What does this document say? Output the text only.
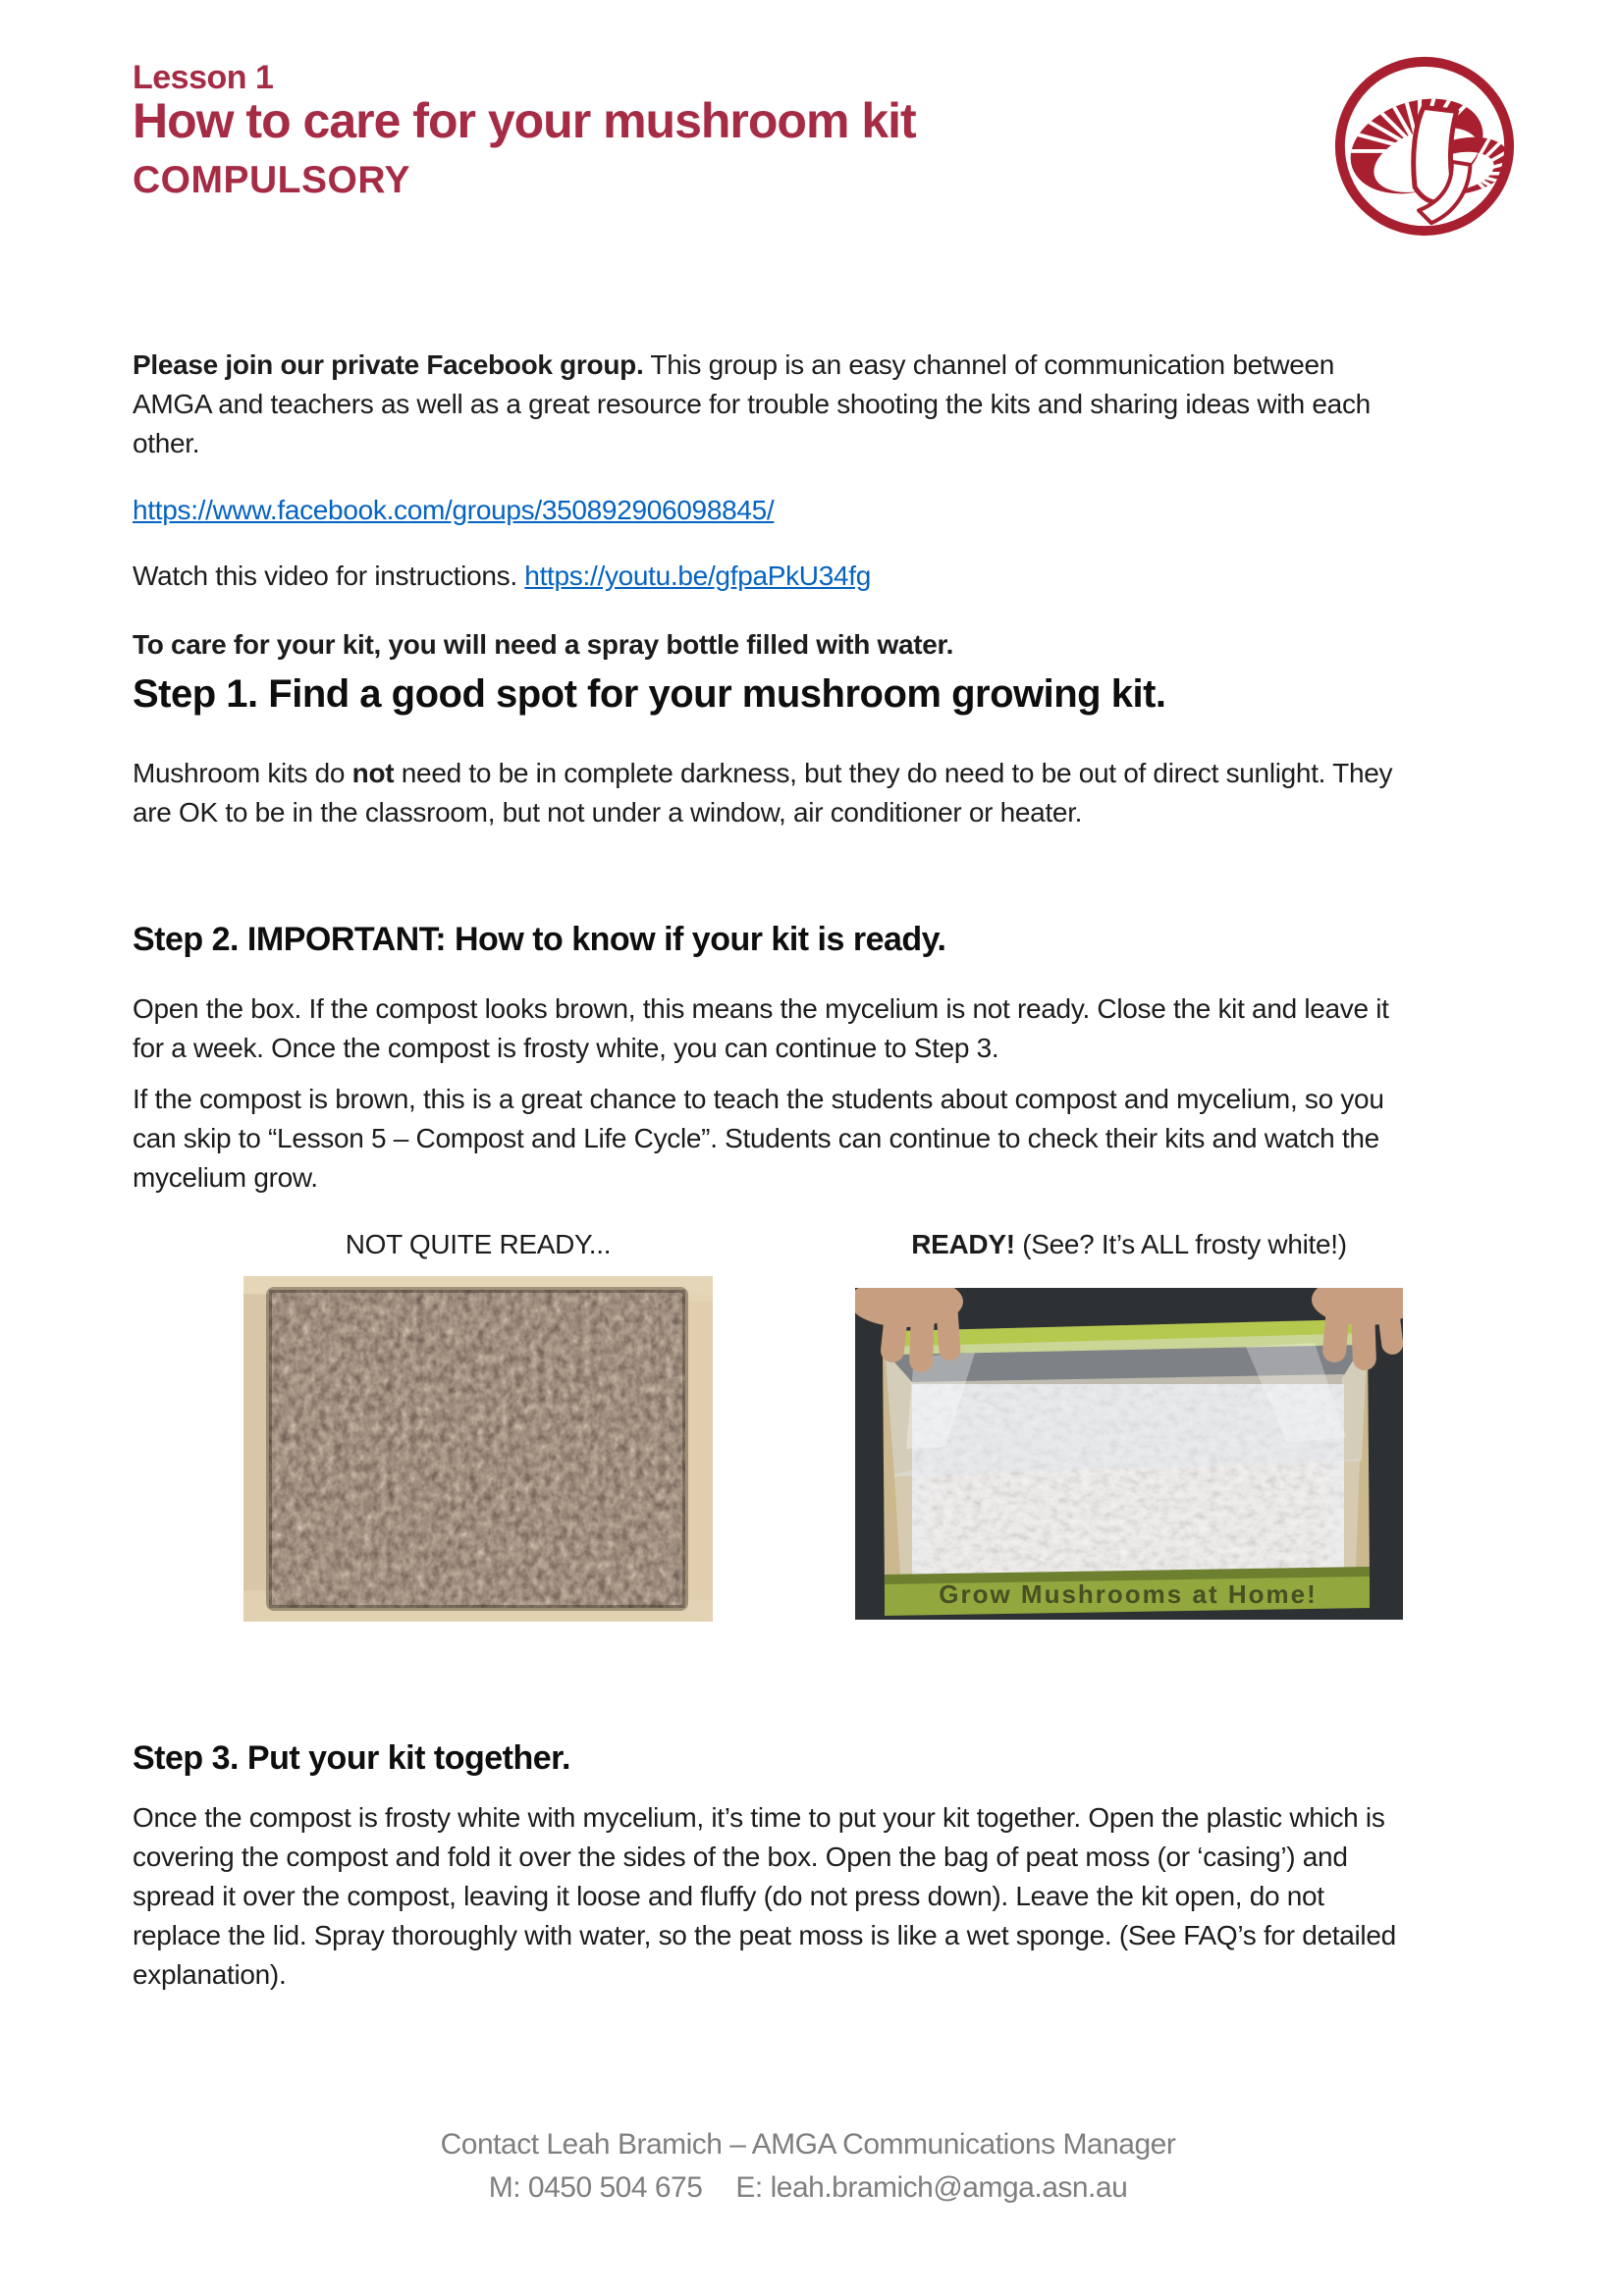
Lesson 1
How to care for your mushroom kit
COMPULSORY

Please join our private Facebook group. This group is an easy channel of communication between AMGA and teachers as well as a great resource for trouble shooting the kits and sharing ideas with each other.

https://www.facebook.com/groups/350892906098845/

Watch this video for instructions. https://youtu.be/gfpaPkU34fg

To care for your kit, you will need a spray bottle filled with water.

Step 1. Find a good spot for your mushroom growing kit.

Mushroom kits do not need to be in complete darkness, but they do need to be out of direct sunlight. They are OK to be in the classroom, but not under a window, air conditioner or heater.

Step 2. IMPORTANT: How to know if your kit is ready.

Open the box. If the compost looks brown, this means the mycelium is not ready. Close the kit and leave it for a week. Once the compost is frosty white, you can continue to Step 3.

If the compost is brown, this is a great chance to teach the students about compost and mycelium, so you can skip to “Lesson 5 – Compost and Life Cycle”. Students can continue to check their kits and watch the mycelium grow.

NOT QUITE READY...	READY! (See? It’s ALL frosty white!)
Grow Mushrooms at Home!
Step 3. Put your kit together.

Once the compost is frosty white with mycelium, it’s time to put your kit together. Open the plastic which is covering the compost and fold it over the sides of the box. Open the bag of peat moss (or ‘casing’) and spread it over the compost, leaving it loose and fluffy (do not press down). Leave the kit open, do not replace the lid. Spray thoroughly with water, so the peat moss is like a wet sponge. (See FAQ’s for detailed explanation).

Contact Leah Bramich – AMGA Communications Manager
M: 0450 504 675 E: leah.bramich@amga.asn.au
